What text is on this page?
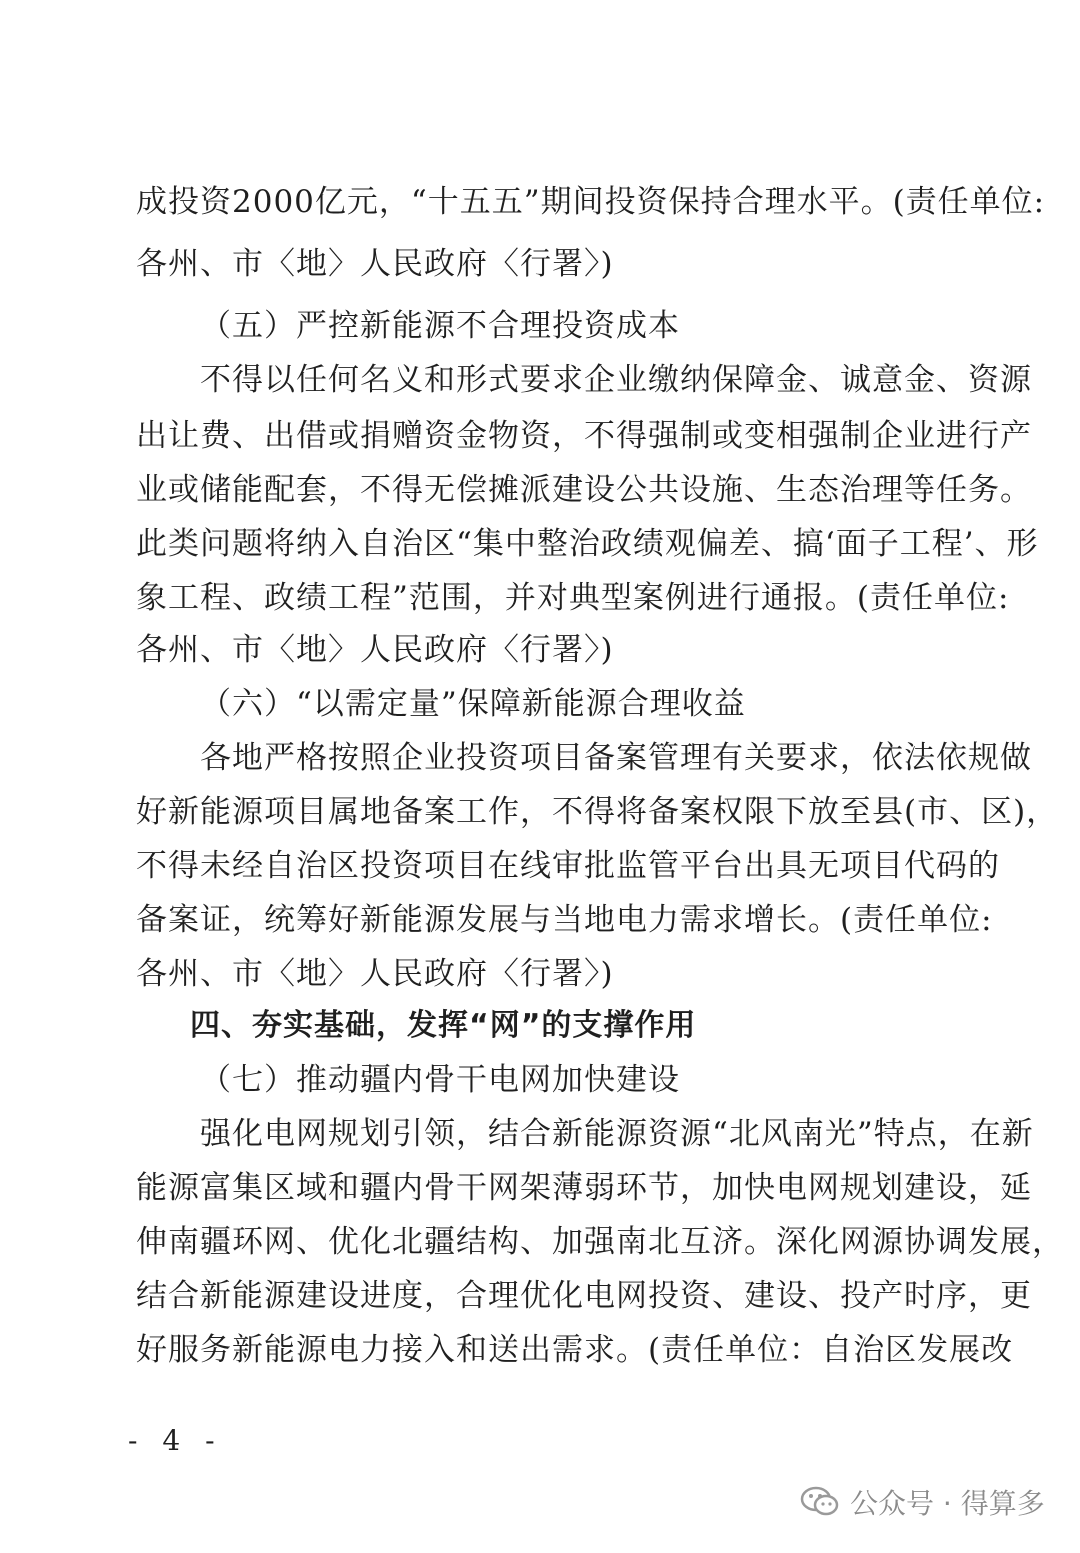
成投资2000亿元，“十五五”期间投资保持合理水平。(责任单位:
各州、市〈地〉人民政府〈行署〉)
（五）严控新能源不合理投资成本
不得以任何名义和形式要求企业缴纳保障金、诚意金、资源
出让费、出借或捐赠资金物资，不得强制或变相强制企业进行产
业或储能配套，不得无偿摊派建设公共设施、生态治理等任务。
此类问题将纳入自治区“集中整治政绩观偏差、搞‘面子工程’、形
象工程、政绩工程”范围，并对典型案例进行通报。(责任单位:
各州、市〈地〉人民政府〈行署〉)
（六）“以需定量”保障新能源合理收益
各地严格按照企业投资项目备案管理有关要求，依法依规做
好新能源项目属地备案工作，不得将备案权限下放至县(市、区)，
不得未经自治区投资项目在线审批监管平台出具无项目代码的
备案证，统筹好新能源发展与当地电力需求增长。(责任单位:
各州、市〈地〉人民政府〈行署〉)
四、夯实基础，发挥“网”的支撑作用
（七）推动疆内骨干电网加快建设
强化电网规划引领，结合新能源资源“北风南光”特点，在新
能源富集区域和疆内骨干网架薄弱环节，加快电网规划建设，延
伸南疆环网、优化北疆结构、加强南北互济。深化网源协调发展，
结合新能源建设进度，合理优化电网投资、建设、投产时序，更
好服务新能源电力接入和送出需求。(责任单位：自治区发展改
- 4 -
公众号 · 得算多
